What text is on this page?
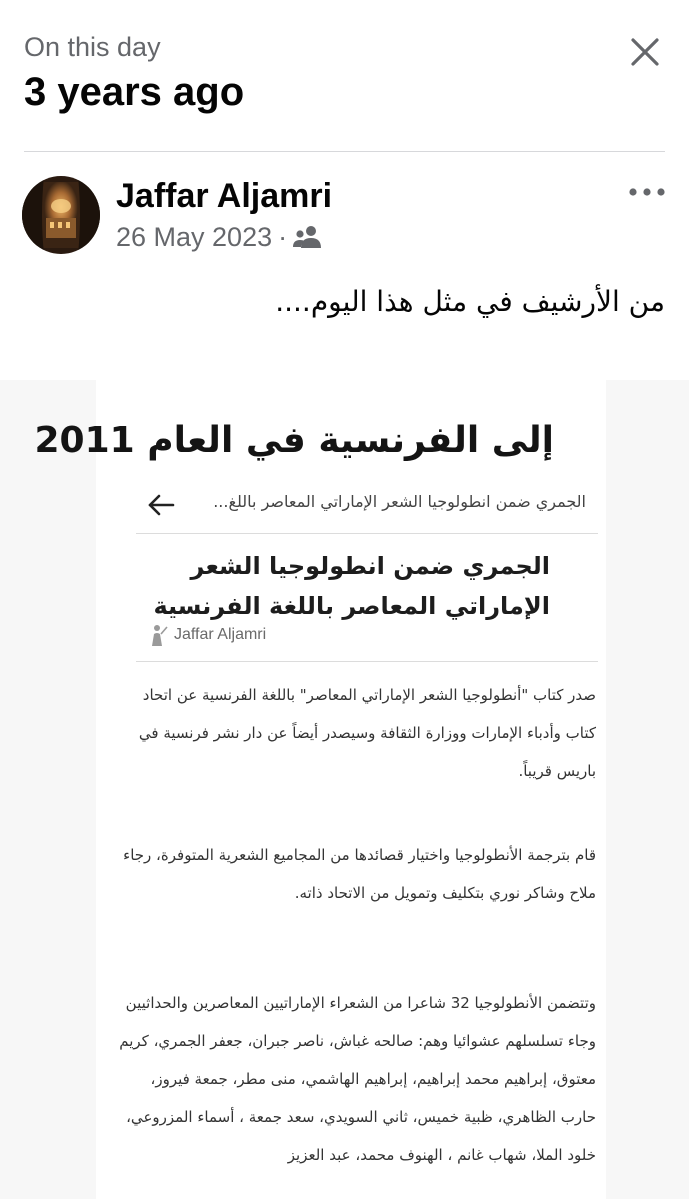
On this day
3 years ago
Jaffar Aljamri
26 May 2023 ·
من الأرشيف في مثل هذا اليوم....
إلى الفرنسية في العام 2011
الجمري ضمن انطولوجيا الشعر الإماراتي المعاصر باللغ...
الجمري ضمن انطولوجيا الشعر الإماراتي المعاصر باللغة الفرنسية
Jaffar Aljamri
صدر كتاب "أنطولوجيا الشعر الإماراتي المعاصر" باللغة الفرنسية عن اتحاد كتاب وأدباء الإمارات ووزارة الثقافة وسيصدر أيضاً عن دار نشر فرنسية في باريس قريباً.
قام بترجمة الأنطولوجيا واختيار قصائدها من المجاميع الشعرية المتوفرة، رجاء ملاح وشاكر نوري بتكليف وتمويل من الاتحاد ذاته.
وتتضمن الأنطولوجيا 32 شاعرا من الشعراء الإماراتيين المعاصرين والحداثيين وجاء تسلسلهم عشوائيا وهم: صالحه غباش، ناصر جبران، جعفر الجمري، كريم معتوق، إبراهيم محمد إبراهيم، إبراهيم الهاشمي، منى مطر، جمعة فيروز، حارب الظاهري، ظبية خميس، ثاني السويدي، سعد جمعة ، أسماء المزروعي، خلود الملا، شهاب غانم ، الهنوف محمد، عبد العزيز
